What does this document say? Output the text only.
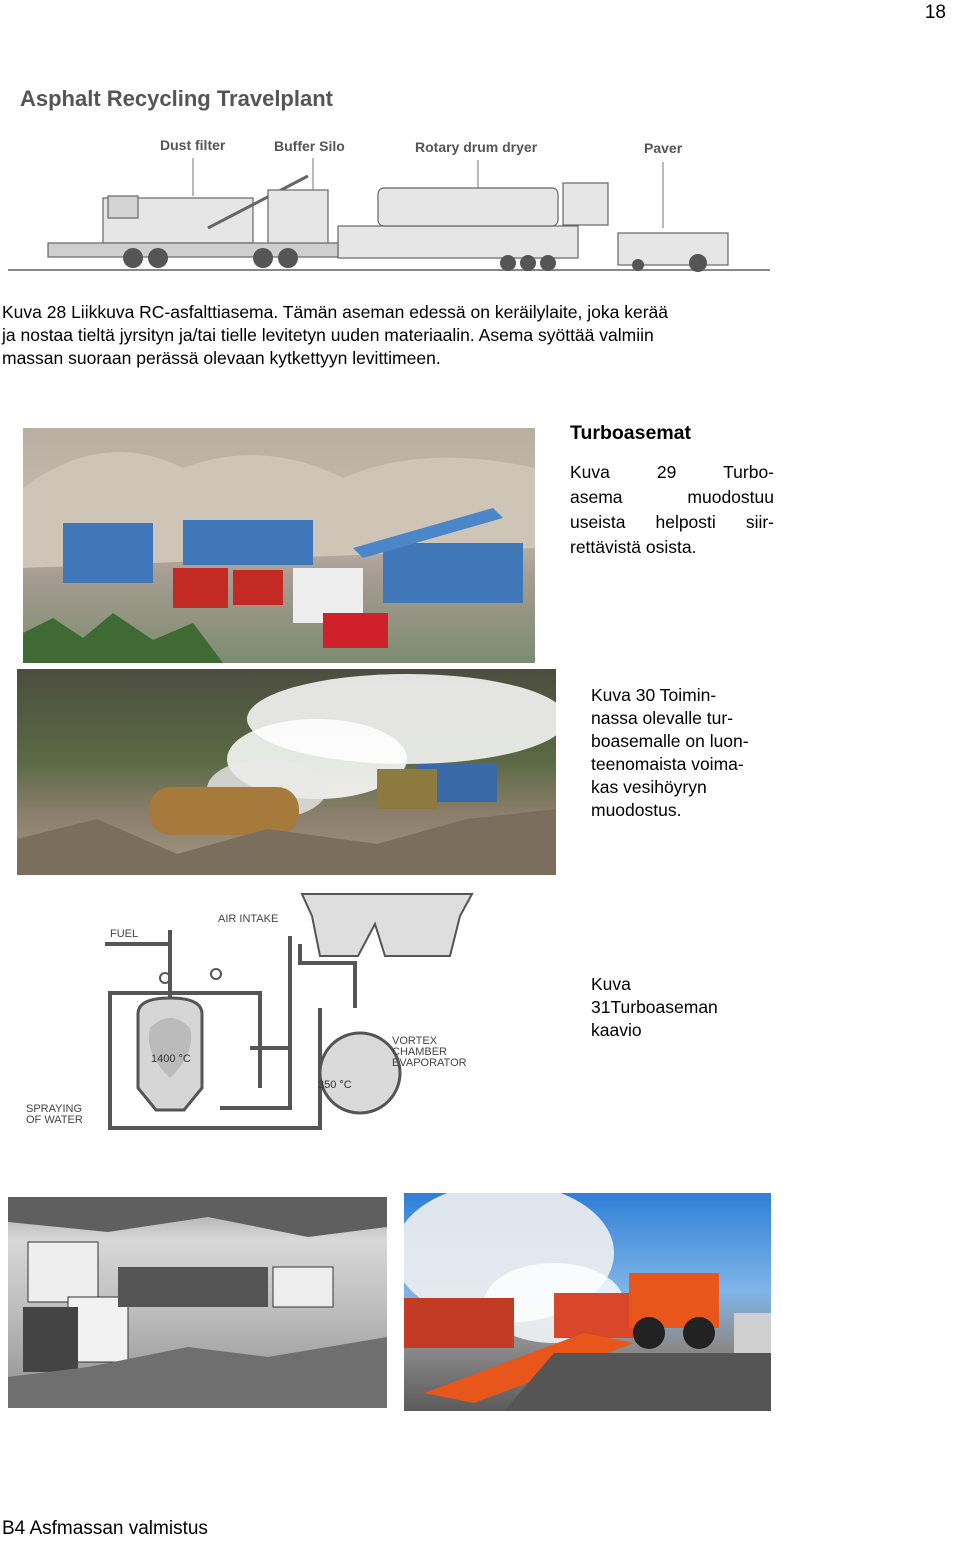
18
Asphalt Recycling Travelplant
Dust filter	Buffer Silo	Rotary drum dryer	Paver
Kuva 28 Liikkuva RC-asfalttiasema. Tämän aseman edessä on keräilylaite, joka kerää
ja nostaa tieltä jyrsityn ja/tai tielle levitetyn uuden materiaalin. Asema syöttää valmiin
massan suoraan perässä olevaan kytkettyyn levittimeen.
Turboasemat
Kuva 29 Turbo-
asema muodostuu
useista helposti siir-
rettävistä osista.
Kuva 30 Toimin-
nassa olevalle tur-
boasemalle on luon-
teenomaista voima-
kas vesihöyryn
muodostus.
FUEL
AIR INTAKE
1400 °C
350 °C
VORTEX
CHAMBER
EVAPORATOR
SPRAYING
OF WATER
Kuva
31Turboaseman
kaavio
B4 Asfmassan valmistus
